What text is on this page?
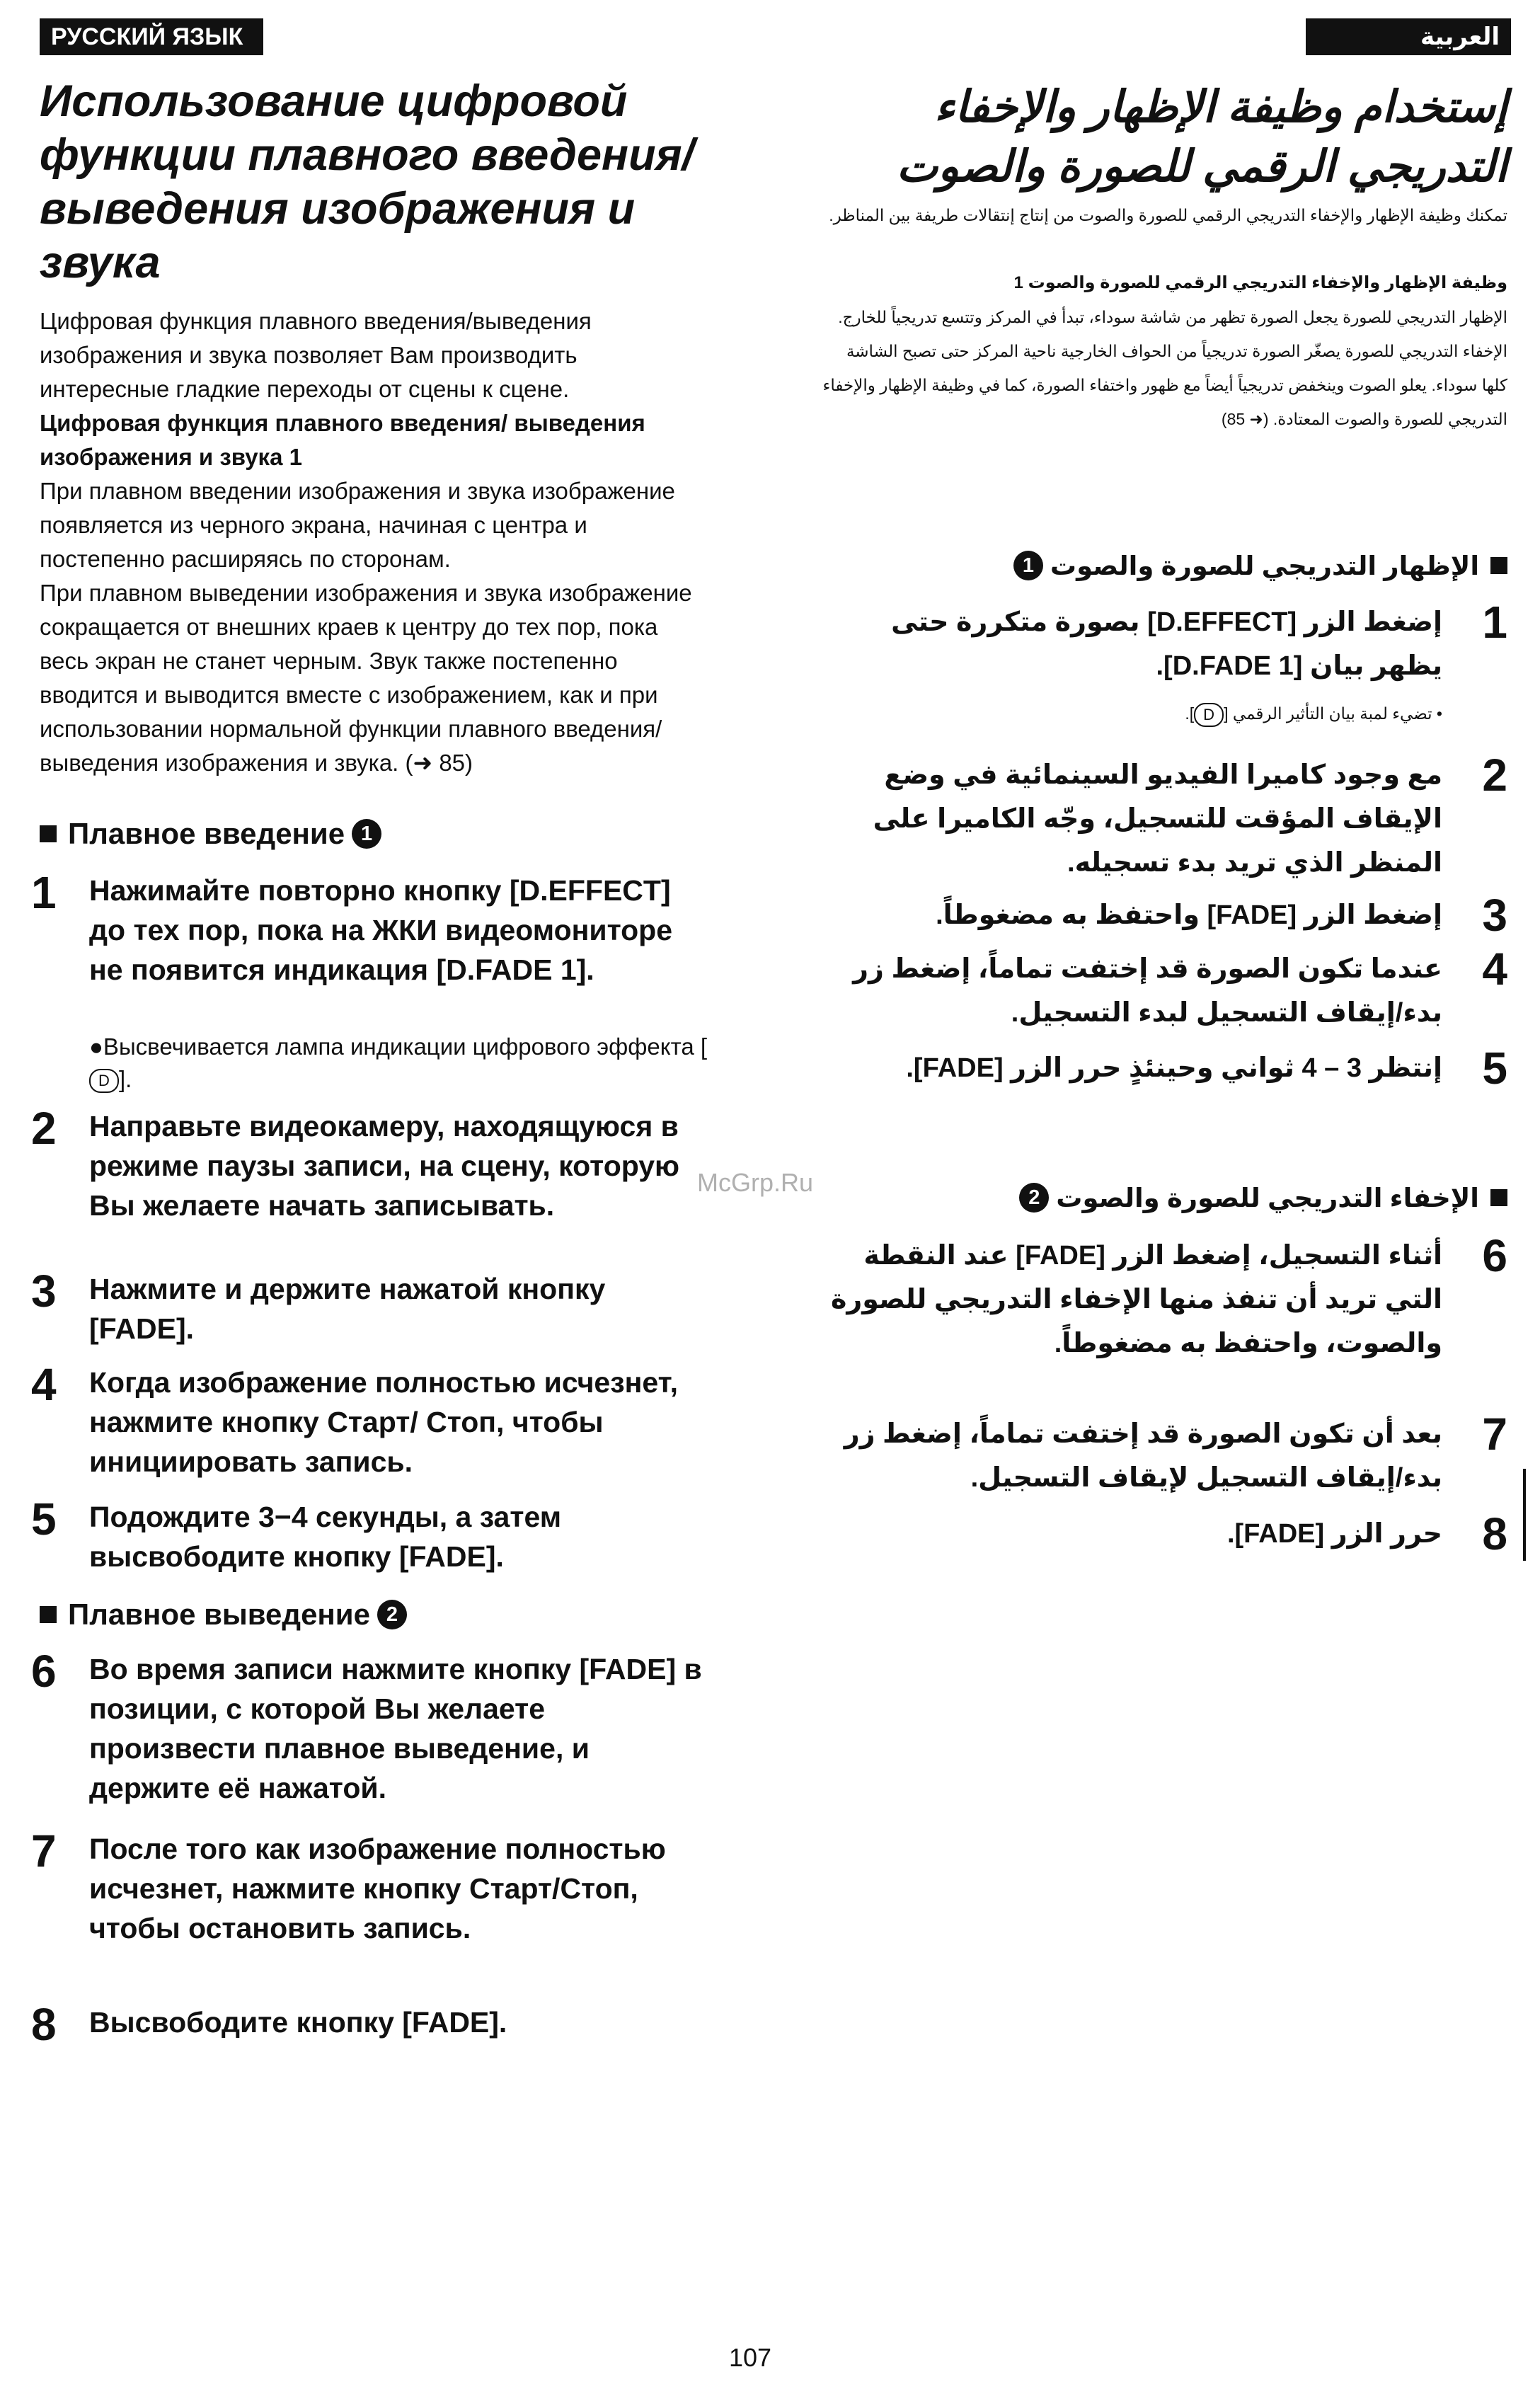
РУССКИЙ ЯЗЫК	العربية
Использование цифровой функции плавного введения/выведения изображения и звука

Цифровая функция плавного введения/выведения изображения и звука позволяет Вам производить интересные гладкие переходы от сцены к сцене.

Цифровая функция плавного введения/ выведения изображения и звука 1

При плавном введении изображения и звука изображение появляется из черного экрана, начиная с центра и постепенно расширяясь по сторонам.

При плавном выведении изображения и звука изображение сокращается от внешних краев к центру до тех пор, пока весь экран не станет черным. Звук также постепенно вводится и выводится вместе с изображением, как и при использовании нормальной функции плавного введения/выведения изображения и звука. (➜ 85)

Плавное введение 1
1 Нажимайте повторно кнопку [D.EFFECT] до тех пор, пока на ЖКИ видеомониторе не появится индикация [D.FADE 1].
●Высвечивается лампа индикации цифрового эффекта [D ].
2 Направьте видеокамеру, находящуюся в режиме паузы записи, на сцену, которую Вы желаете начать записывать.
3 Нажмите и держите нажатой кнопку [FADE].
4 Когда изображение полностью исчезнет, нажмите кнопку Старт/ Стоп, чтобы инициировать запись.
5 Подождите 3−4 секунды, а затем высвободите кнопку [FADE].
Плавное выведение 2
6 Во время записи нажмите кнопку [FADE] в позиции, с которой Вы желаете произвести плавное выведение, и держите её нажатой.
7 После того как изображение полностью исчезнет, нажмите кнопку Старт/Стоп, чтобы остановить запись.
8 Высвободите кнопку [FADE].
إستخدام وظيفة الإظهار والإخفاء التدريجي الرقمي للصورة والصوت

تمكنك وظيفة الإظهار والإخفاء التدريجي الرقمي للصورة والصوت من إنتاج إنتقالات طريفة بين المناظر.

وظيفة الإظهار والإخفاء التدريجي الرقمي للصورة والصوت 1

الإظهار التدريجي للصورة يجعل الصورة تظهر من شاشة سوداء، تبدأ في المركز وتتسع تدريجياً للخارج. الإخفاء التدريجي للصورة يصغّر الصورة تدريجياً من الحواف الخارجية ناحية المركز حتى تصبح الشاشة كلها سوداء. يعلو الصوت وينخفض تدريجياً أيضاً مع ظهور واختفاء الصورة، كما في وظيفة الإظهار والإخفاء التدريجي للصورة والصوت المعتادة. (➜ 85)

الإظهار التدريجي للصورة والصوت1
1
إضغط الزر [D.EFFECT] بصورة متكررة حتى يظهر بيان [D.FADE 1].
• تضيء لمبة بيان التأثير الرقمي [D].
2
مع وجود كاميرا الفيديو السينمائية في وضع الإيقاف المؤقت للتسجيل، وجّه الكاميرا على المنظر الذي تريد بدء تسجيله.
3
إضغط الزر [FADE] واحتفظ به مضغوطاً.
4
عندما تكون الصورة قد إختفت تماماً، إضغط زر بدء/إيقاف التسجيل لبدء التسجيل.
5
إنتظر 3 – 4 ثواني وحينئذٍ حرر الزر [FADE].
الإخفاء التدريجي للصورة والصوت2
6
أثناء التسجيل، إضغط الزر [FADE] عند النقطة التي تريد أن تنفذ منها الإخفاء التدريجي للصورة والصوت، واحتفظ به مضغوطاً.
7
بعد أن تكون الصورة قد إختفت تماماً، إضغط زر بدء/إيقاف التسجيل لإيقاف التسجيل.
8
حرر الزر [FADE].
McGrp.Ru
107
